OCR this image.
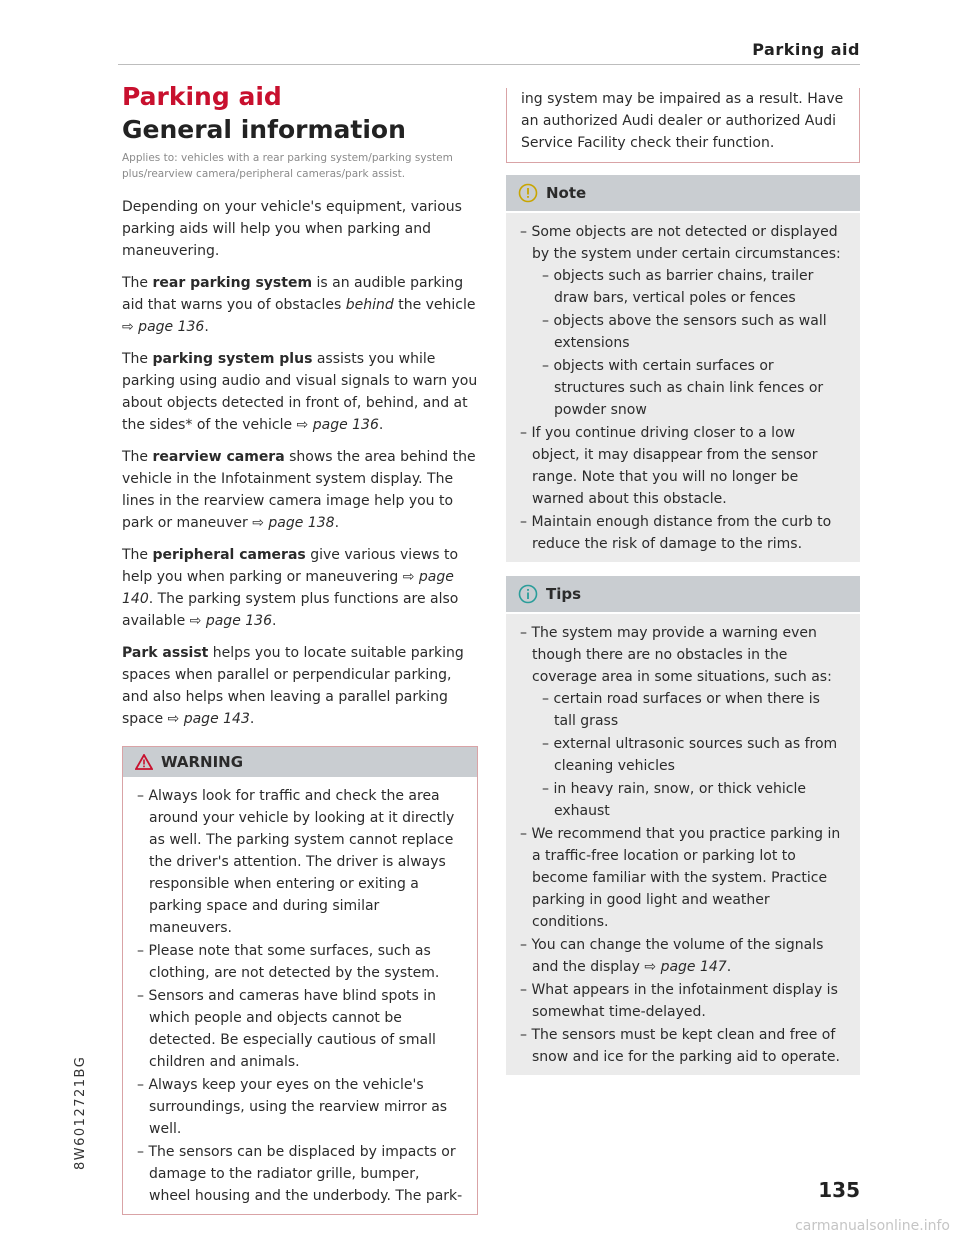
Parking aid
Parking aid
General information
Applies to: vehicles with a rear parking system/parking system plus/rearview camera/peripheral cameras/park assist.

Depending on your vehicle's equipment, various parking aids will help you when parking and maneuvering.

The rear parking system is an audible parking aid that warns you of obstacles behind the vehicle ⇨ page 136.

The parking system plus assists you while parking using audio and visual signals to warn you about objects detected in front of, behind, and at the sides* of the vehicle ⇨ page 136.

The rearview camera shows the area behind the vehicle in the Infotainment system display. The lines in the rearview camera image help you to park or maneuver ⇨ page 138.

The peripheral cameras give various views to help you when parking or maneuvering ⇨ page 140. The parking system plus functions are also available ⇨ page 136.

Park assist helps you to locate suitable parking spaces when parallel or perpendicular parking, and also helps when leaving a parallel parking space ⇨ page 143.

WARNING
– Always look for traffic and check the area around your vehicle by looking at it directly as well. The parking system cannot replace the driver's attention. The driver is always responsible when entering or exiting a parking space and during similar maneuvers.
– Please note that some surfaces, such as clothing, are not detected by the system.
– Sensors and cameras have blind spots in which people and objects cannot be detected. Be especially cautious of small children and animals.
– Always keep your eyes on the vehicle's surroundings, using the rearview mirror as well.
– The sensors can be displaced by impacts or damage to the radiator grille, bumper, wheel housing and the underbody. The park-
ing system may be impaired as a result. Have an authorized Audi dealer or authorized Audi Service Facility check their function.
Note
– Some objects are not detected or displayed by the system under certain circumstances:
– objects such as barrier chains, trailer draw bars, vertical poles or fences
– objects above the sensors such as wall extensions
– objects with certain surfaces or structures such as chain link fences or powder snow
– If you continue driving closer to a low object, it may disappear from the sensor range. Note that you will no longer be warned about this obstacle.
– Maintain enough distance from the curb to reduce the risk of damage to the rims.
Tips
– The system may provide a warning even though there are no obstacles in the coverage area in some situations, such as:
– certain road surfaces or when there is tall grass
– external ultrasonic sources such as from cleaning vehicles
– in heavy rain, snow, or thick vehicle exhaust
– We recommend that you practice parking in a traffic-free location or parking lot to become familiar with the system. Practice parking in good light and weather conditions.
– You can change the volume of the signals and the display ⇨ page 147.
– What appears in the infotainment display is somewhat time-delayed.
– The sensors must be kept clean and free of snow and ice for the parking aid to operate.
8W6012721BG
135
carmanualsonline.info
